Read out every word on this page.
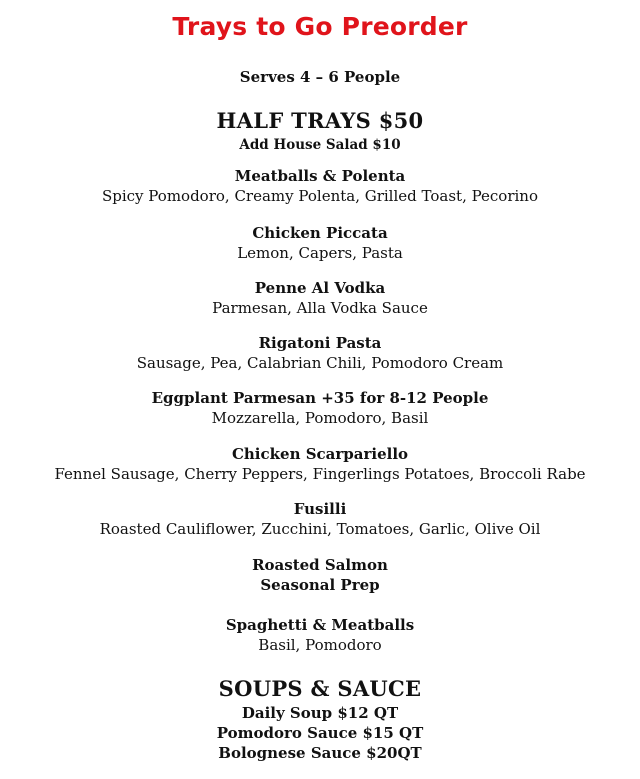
Trays to Go Preorder
Serves 4 – 6 People
HALF TRAYS $50
Add House Salad $10
Meatballs & Polenta
Spicy Pomodoro, Creamy Polenta, Grilled Toast, Pecorino
Chicken Piccata
Lemon, Capers, Pasta
Penne Al Vodka
Parmesan, Alla Vodka Sauce
Rigatoni Pasta
Sausage, Pea, Calabrian Chili, Pomodoro Cream
Eggplant Parmesan +35 for 8-12 People
Mozzarella, Pomodoro, Basil
Chicken Scarpariello
Fennel Sausage, Cherry Peppers, Fingerlings Potatoes, Broccoli Rabe
Fusilli
Roasted Cauliflower, Zucchini, Tomatoes, Garlic, Olive Oil
Roasted Salmon
Seasonal Prep
Spaghetti & Meatballs
Basil, Pomodoro
SOUPS & SAUCE
Daily Soup $12 QT
Pomodoro Sauce $15 QT
Bolognese Sauce $20QT
